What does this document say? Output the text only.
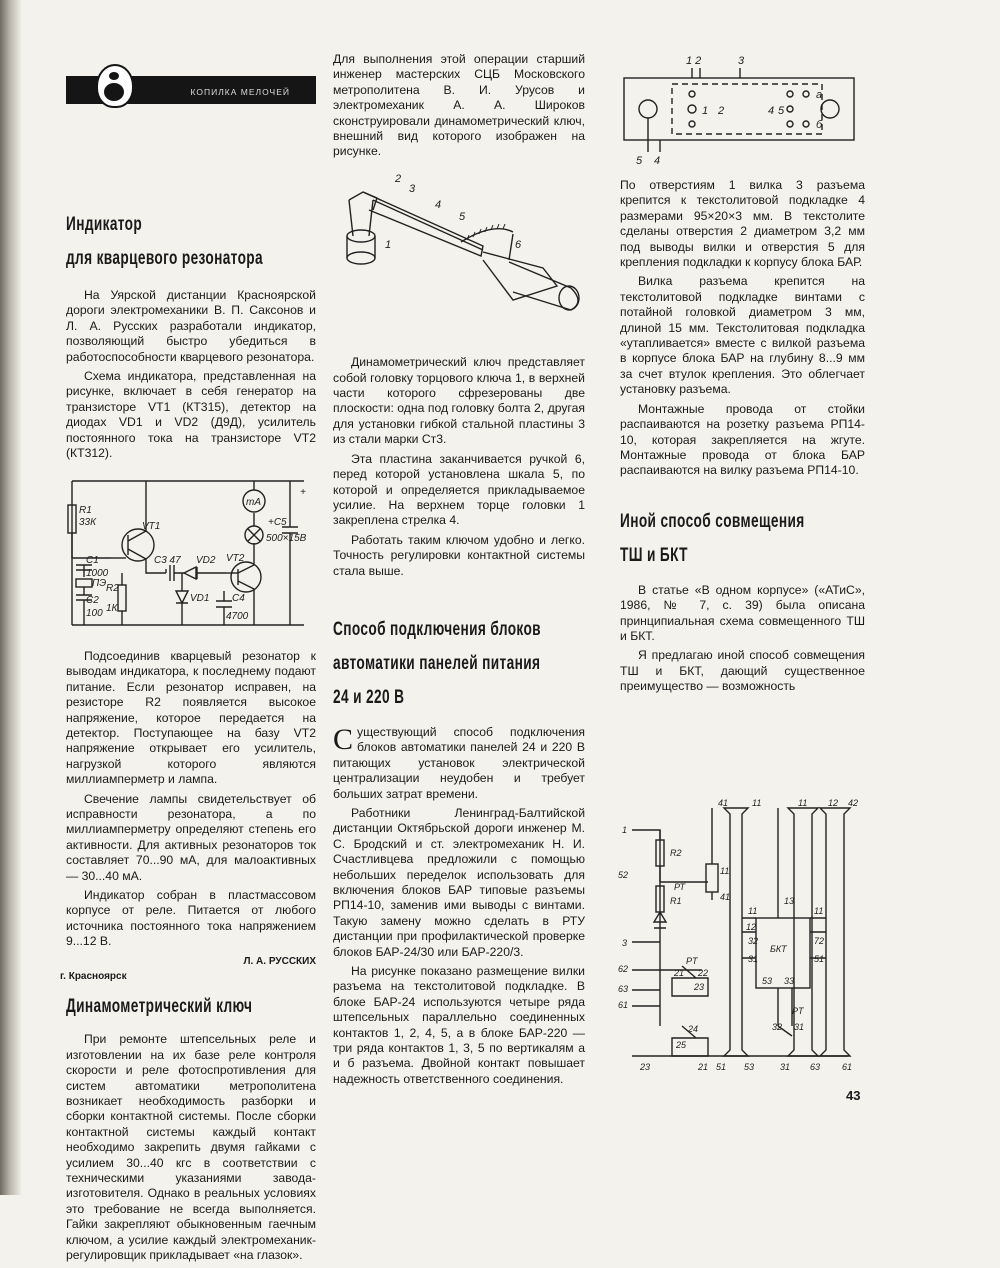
КОПИЛКА МЕЛОЧЕЙ
Индикатор
для кварцевого резонатора

На Уярской дистанции Красноярской дороги электромеханики В. П. Саксонов и Л. А. Русских разработали индикатор, позволяющий быстро убедиться в работоспособности кварцевого резонатора.

Схема индикатора, представленная на рисунке, включает в себя генератор на транзисторе VT1 (КТ315), детектор на диодах VD1 и VD2 (Д9Д), усилитель постоянного тока на транзисторе VT2 (КТ312).

R1
33К	VT1
C1
1000
ПЭ
C2
100
R2
1К
С3 47 VD2
VD1
VT2
C4
4700
mA
+C5
500×15В
+

Подсоединив кварцевый резонатор к выводам индикатора, к последнему подают питание. Если резонатор исправен, на резисторе R2 появляется высокое напряжение, которое передается на детектор. Поступающее на базу VT2 напряжение открывает его усилитель, нагрузкой которого являются миллиамперметр и лампа.

Свечение лампы свидетельствует об исправности резонатора, а по миллиамперметру определяют степень его активности. Для активных резонаторов ток составляет 70...90 мА, для малоактивных — 30...40 мА.

Индикатор собран в пластмассовом корпусе от реле. Питается от любого источника постоянного тока напряжением 9...12 В.

Л. А. РУССКИХ
г. Красноярск
Динамометрический ключ

При ремонте штепсельных реле и изготовлении на их базе реле контроля скорости и реле фотоспротивления для систем автоматики метрополитена возникает необходимость разборки и сборки контактной системы. После сборки контактной системы каждый контакт необходимо закрепить двумя гайками с усилием 30...40 кгс в соответствии с техническими указаниями завода-изготовителя. Однако в реальных условиях это требование не всегда выполняется. Гайки закрепляют обыкновенным гаечным ключом, а усилие каждый электромеханик-регулировщик прикладывает «на глазок».

Для выполнения этой операции старший инженер мастерских СЦБ Московского метрополитена В. И. Урусов и электромеханик А. А. Широков сконструировали динамометрический ключ, внешний вид которого изображен на рисунке.

2
3
4
5
6
1

Динамометрический ключ представляет собой головку торцового ключа 1, в верхней части которого сфрезерованы две плоскости: одна под головку болта 2, другая для установки гибкой стальной пластины 3 из стали марки Ст3.

Эта пластина заканчивается ручкой 6, перед которой установлена шкала 5, по которой и определяется прикладываемое усилие. На верхнем торце головки 1 закреплена стрелка 4.

Работать таким ключом удобно и легко. Точность регулировки контактной системы стала выше.

Способ подключения блоков
автоматики панелей питания
24 и 220 В

Существующий способ подключения блоков автоматики панелей 24 и 220 В питающих установок электрической централизации неудобен и требует больших затрат времени.

Работники Ленинград-Балтийской дистанции Октябрьской дороги инженер М. С. Бродский и ст. электромеханик Н. И. Счастливцева предложили с помощью небольших переделок использовать для включения блоков БАР типовые разъемы РП14-10, заменив ими выводы с винтами. Такую замену можно сделать в РТУ дистанции при профилактической проверке блоков БАР-24/30 или БАР-220/3.

На рисунке показано размещение вилки разъема на текстолитовой подкладке. В блоке БАР-24 используются четыре ряда штепсельных параллельно соединенных контактов 1, 2, 4, 5, а в блоке БАР-220 — три ряда контактов 1, 3, 5 по вертикалям а и б разъема. Двойной контакт повышает надежность ответственного соединения.

1 2	3
1 2	4 5
а
б
5 4

По отверстиям 1 вилка 3 разъема крепится к текстолитовой подкладке 4 размерами 95×20×3 мм. В текстолите сделаны отверстия 2 диаметром 3,2 мм под выводы вилки и отверстия 5 для крепления подкладки к корпусу блока БАР.

Вилка разъема крепится на текстолитовой подкладке винтами с потайной головкой диаметром 3 мм, длиной 15 мм. Текстолитовая подкладка «утапливается» вместе с вилкой разъема в корпусе блока БАР на глубину 8...9 мм за счет втулок крепления. Это облегчает установку разъема.

Монтажные провода от стойки распаиваются на розетку разъема РП14-10, которая закрепляется на жгуте. Монтажные провода от блока БАР распаиваются на вилку разъема РП14-10.

Иной способ совмещения
ТШ и БКТ

В статье «В одном корпусе» («АТиС», 1986, № 7, с. 39) была описана принципиальная схема совмещенного ТШ и БКТ.

Я предлагаю иной способ совмещения ТШ и БКТ, дающий существенное преимущество — возможность

41	11	11 12 42
1
R2
52
РТ
11
41
R1	13
11	11
3
12
32
БКТ
72
62
PT
21 22
23
31	51
63
61
53 33
PT
24
25
32 31
23	21 51 53	31 63 61
43
